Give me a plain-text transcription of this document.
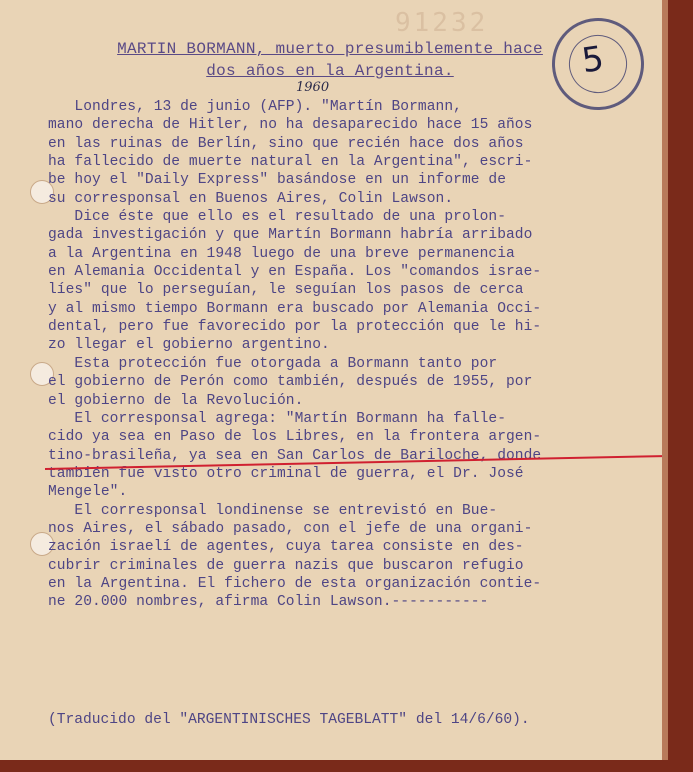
91232
5
MARTIN BORMANN, muerto presumiblemente hace
dos años en la Argentina.
1960
Londres, 13 de junio (AFP). "Martín Bormann,
mano derecha de Hitler, no ha desaparecido hace 15 años
en las ruinas de Berlín, sino que recién hace dos años
ha fallecido de muerte natural en la Argentina", escri-
be hoy el "Daily Express" basándose en un informe de
su corresponsal en Buenos Aires, Colin Lawson.
Dice éste que ello es el resultado de una prolon-
gada investigación y que Martín Bormann habría arribado
a la Argentina en 1948 luego de una breve permanencia
en Alemania Occidental y en España. Los "comandos israe-
líes" que lo perseguían, le seguían los pasos de cerca
y al mismo tiempo Bormann era buscado por Alemania Occi-
dental, pero fue favorecido por la protección que le hi-
zo llegar el gobierno argentino.
Esta protección fue otorgada a Bormann tanto por
el gobierno de Perón como también, después de 1955, por
el gobierno de la Revolución.
El corresponsal agrega: "Martín Bormann ha falle-
cido ya sea en Paso de los Libres, en la frontera argen-
tino-brasileña, ya sea en San Carlos de Bariloche, donde
también fue visto otro criminal de guerra, el Dr. José
Mengele".
El corresponsal londinense se entrevistó en Bue-
nos Aires, el sábado pasado, con el jefe de una organi-
zación israelí de agentes, cuya tarea consiste en des-
cubrir criminales de guerra nazis que buscaron refugio
en la Argentina. El fichero de esta organización contie-
ne 20.000 nombres, afirma Colin Lawson.-----------
(Traducido del "ARGENTINISCHES TAGEBLATT" del 14/6/60).
